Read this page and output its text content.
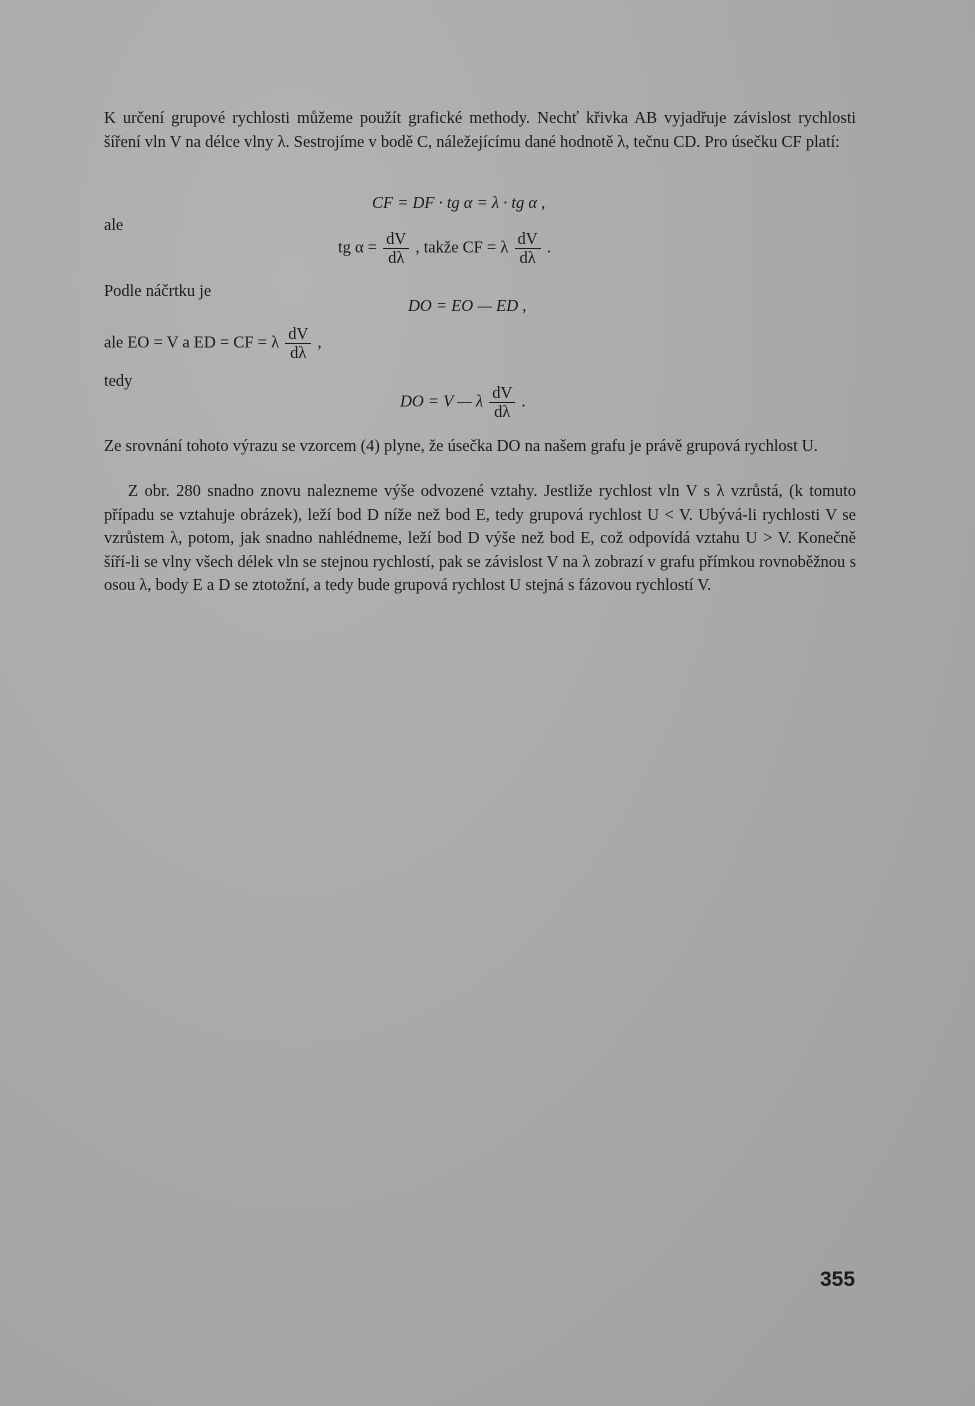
K určení grupové rychlosti můžeme použít grafické methody. Nechť křivka AB vyjadřuje závislost rychlosti šíření vln V na délce vlny λ. Sestrojíme v bodě C, náležejícímu dané hodnotě λ, tečnu CD. Pro úsečku CF platí:

CF = DF · tg α = λ · tg α ,
ale
tg $\alpha = \frac{dV}{d\lambda}$ , takže CF = λ $\frac{dV}{d\lambda}$ .
Podle náčrtku je
DO = EO — ED ,
ale EO = V a ED = CF = λ $\frac{dV}{d\lambda}$ ,
tedy
DO = V — λ $\frac{dV}{d\lambda}$ .

Ze srovnání tohoto výrazu se vzorcem (4) plyne, že úsečka DO na našem grafu je právě grupová rychlost U.

Z obr. 280 snadno znovu nalezneme výše odvozené vztahy. Jestliže rychlost vln V s λ vzrůstá, (k tomuto případu se vztahuje obrázek), leží bod D níže než bod E, tedy grupová rychlost U < V. Ubývá-li rychlosti V se vzrůstem λ, potom, jak snadno nahlédneme, leží bod D výše než bod E, což odpovídá vztahu U > V. Konečně šíří-li se vlny všech délek vln se stejnou rychlostí, pak se závislost V na λ zobrazí v grafu přímkou rovnoběžnou s osou λ, body E a D se ztotožní, a tedy bude grupová rychlost U stejná s fázovou rychlostí V.

355
